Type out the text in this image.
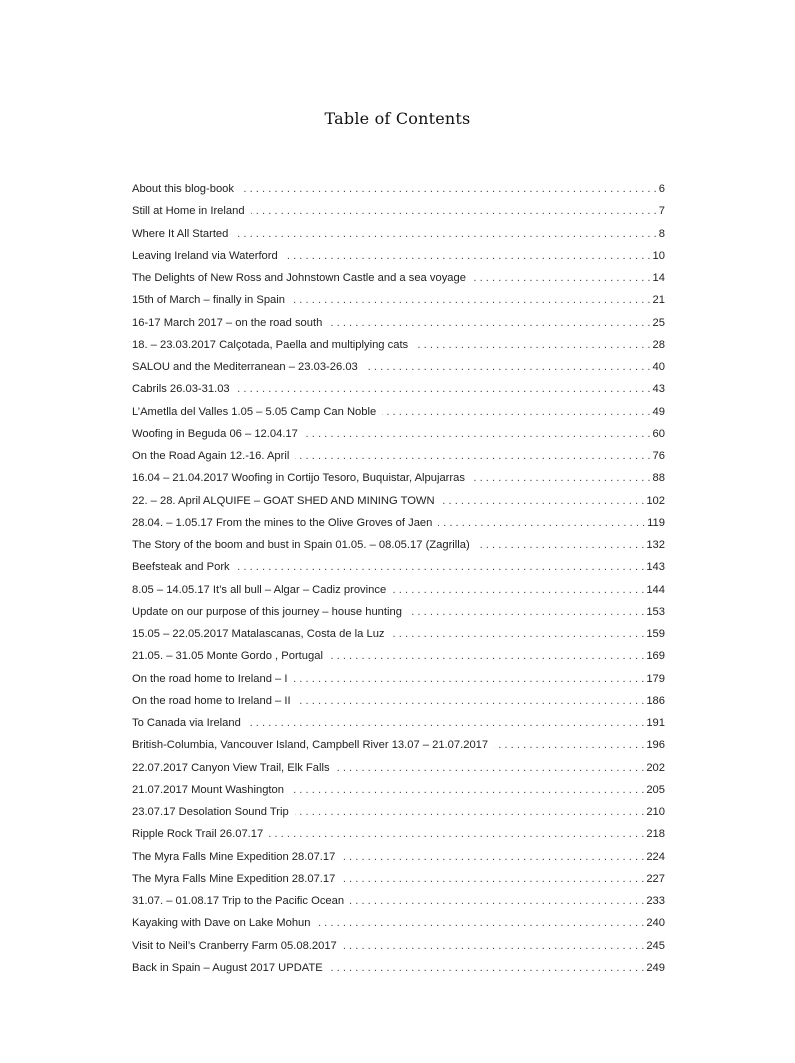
Table of Contents
About this blog-book . . .	6
Still at Home in Ireland . . .	7
Where It All Started . . .	8
Leaving Ireland via Waterford . . .	10
The Delights of New Ross and Johnstown Castle and a sea voyage . . .	14
15th of March – finally in Spain . . .	21
16-17 March 2017 – on the road south . . .	25
18. – 23.03.2017 Calçotada, Paella and multiplying cats . . .	28
SALOU and the Mediterranean – 23.03-26.03 . . .	40
Cabrils 26.03-31.03 . . .	43
L’Ametlla del Valles 1.05 – 5.05 Camp Can Noble . . .	49
Woofing in Beguda 06 – 12.04.17 . . .	60
On the Road Again 12.-16. April . . .	76
16.04 – 21.04.2017 Woofing in Cortijo Tesoro, Buquistar, Alpujarras . . .	88
22. – 28. April ALQUIFE – GOAT SHED AND MINING TOWN . . .	102
28.04. – 1.05.17 From the mines to the Olive Groves of Jaen . . .	119
The Story of the boom and bust in Spain 01.05. – 08.05.17 (Zagrilla) . . .	132
Beefsteak and Pork . . .	143
8.05 – 14.05.17 It’s all bull – Algar – Cadiz province . . .	144
Update on our purpose of this journey – house hunting . . .	153
15.05 – 22.05.2017 Matalascanas, Costa de la Luz . . .	159
21.05. – 31.05 Monte Gordo , Portugal . . .	169
On the road home to Ireland – I . . .	179
On the road home to Ireland – II . . .	186
To Canada via Ireland . . .	191
British-Columbia, Vancouver Island, Campbell River 13.07 – 21.07.2017 . . .	196
22.07.2017 Canyon View Trail, Elk Falls . . .	202
21.07.2017 Mount Washington . . .	205
23.07.17 Desolation Sound Trip . . .	210
Ripple Rock Trail 26.07.17 . . .	218
The Myra Falls Mine Expedition 28.07.17 . . .	224
The Myra Falls Mine Expedition 28.07.17 . . .	227
31.07. – 01.08.17 Trip to the Pacific Ocean . . .	233
Kayaking with Dave on Lake Mohun . . .	240
Visit to Neil’s Cranberry Farm 05.08.2017 . . .	245
Back in Spain – August 2017 UPDATE . . .	249
